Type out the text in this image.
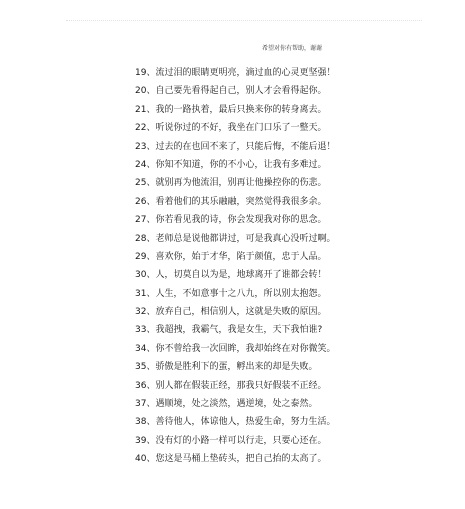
希望对你有帮助，谢谢
19、流过泪的眼睛更明亮，滴过血的心灵更坚强！
20、自己要先看得起自己，别人才会看得起你。
21、我的一路执着，最后只换来你的转身离去。
22、听说你过的不好，我坐在门口乐了一整天。
23、过去的在也回不来了，只能后悔，不能后退！
24、你知不知道，你的不小心，让我有多难过。
25、就别再为他流泪，别再让他操控你的伤悲。
26、看着他们的其乐融融，突然觉得我很多余。
27、你若看见我的诗，你会发现我对你的思念。
28、老师总是说他都讲过，可是我真心没听过啊。
29、喜欢你，始于才华，陷于颜值，忠于人品。
30、人，切莫自以为是，地球离开了谁都会转！
31、人生，不如意事十之八九，所以别太抱怨。
32、放弃自己，相信别人，这就是失败的原因。
33、我超拽，我霸气，我是女生，天下我怕谁?
34、你不曾给我一次回眸，我却始终在对你微笑。
35、骄傲是胜利下的蛋，孵出来的却是失败。
36、别人都在假装正经，那我只好假装不正经。
37、遇顺境，处之淡然，遇逆境，处之泰然。
38、善待他人，体谅他人，热爱生命，努力生活。
39、没有灯的小路一样可以行走，只要心还在。
40、您这是马桶上垫砖头，把自己抬的太高了。
